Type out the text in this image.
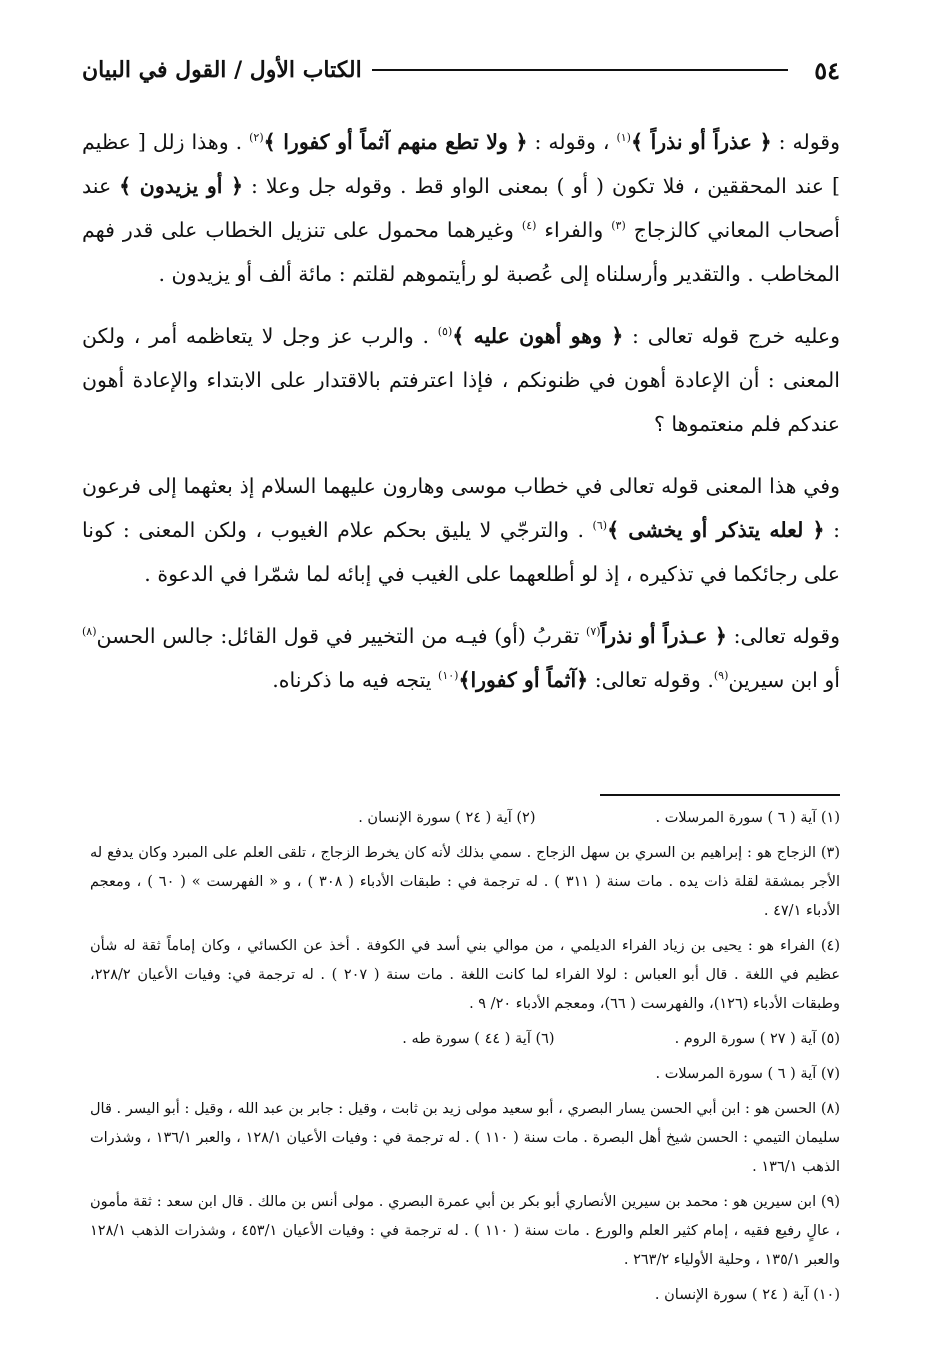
٥٤
الكتاب الأول / القول في البيان

وقوله : ﴿ عذراً أو نذراً ﴾$^{(١)}$ ، وقوله : ﴿ ولا تطع منهم آثماً أو كفورا ﴾$^{(٢)}$ . وهذا زلل [ عظيم ] عند المحققين ، فلا تكون ( أو ) بمعنى الواو قط . وقوله جل وعلا : ﴿ أو يزيدون ﴾ عند أصحاب المعاني كالزجاج $^{(٣)}$ والفراء $^{(٤)}$ وغيرهما محمول على تنزيل الخطاب على قدر فهم المخاطب . والتقدير وأرسلناه إلى عُصبة لو رأيتموهم لقلتم : مائة ألف أو يزيدون .

وعليه خرج قوله تعالى : ﴿ وهو أهون عليه ﴾$^{(٥)}$ . والرب عز وجل لا يتعاظمه أمر ، ولكن المعنى : أن الإعادة أهون في ظنونكم ، فإذا اعترفتم بالاقتدار على الابتداء والإعادة أهون عندكم فلم منعتموها ؟

وفي هذا المعنى قوله تعالى في خطاب موسى وهارون عليهما السلام إذ بعثهما إلى فرعون : ﴿ لعله يتذكر أو يخشى ﴾$^{(٦)}$ . والترجّي لا يليق بحكم علام الغيوب ، ولكن المعنى : كونا على رجائكما في تذكيره ، إذ لو أطلعهما على الغيب في إبائه لما شمّرا في الدعوة .

وقوله تعالى: ﴿ عـذراً أو نذراً$^{(٧)}$ تقربُ (أو) فيـه من التخيير في قول القائل: جالس الحسن$^{(٨)}$ أو ابن سيرين$^{(٩)}$. وقوله تعالى: ﴿آثماً أو كفورا﴾$^{(١٠)}$ يتجه فيه ما ذكرناه.

(١) آية ( ٦ ) سورة المرسلات .
(٢) آية ( ٢٤ ) سورة الإنسان .
(٣) الزجاج هو : إبراهيم بن السري بن سهل الزجاج . سمي بذلك لأنه كان يخرط الزجاج ، تلقى العلم على المبرد وكان يدفع له الأجر بمشقة لقلة ذات يده . مات سنة ( ٣١١ ) . له ترجمة في : طبقات الأدباء ( ٣٠٨ ) ، و « الفهرست » ( ٦٠ ) ، ومعجم الأدباء ٤٧/١ .
(٤) الفراء هو : يحيى بن زياد الفراء الديلمي ، من موالي بني أسد في الكوفة . أخذ عن الكسائي ، وكان إماماً ثقة له شأن عظيم في اللغة . قال أبو العباس : لولا الفراء لما كانت اللغة . مات سنة ( ٢٠٧ ) . له ترجمة في: وفيات الأعيان ٢٢٨/٢، وطبقات الأدباء (١٢٦)، والفهرست ( ٦٦)، ومعجم الأدباء ٢٠/ ٩ .
(٥) آية ( ٢٧ ) سورة الروم .
(٦) آية ( ٤٤ ) سورة طه .
(٧) آية ( ٦ ) سورة المرسلات .
(٨) الحسن هو : ابن أبي الحسن يسار البصري ، أبو سعيد مولى زيد بن ثابت ، وقيل : جابر بن عبد الله ، وقيل : أبو اليسر . قال سليمان التيمي : الحسن شيخ أهل البصرة . مات سنة ( ١١٠ ) . له ترجمة في : وفيات الأعيان ١٢٨/١ ، والعبر ١٣٦/١ ، وشذرات الذهب ١٣٦/١ .
(٩) ابن سيرين هو : محمد بن سيرين الأنصاري أبو بكر بن أبي عمرة البصري . مولى أنس بن مالك . قال ابن سعد : ثقة مأمون ، عالٍ رفيع فقيه ، إمام كثير العلم والورع . مات سنة ( ١١٠ ) . له ترجمة في : وفيات الأعيان ٤٥٣/١ ، وشذرات الذهب ١٢٨/١ والعبر ١٣٥/١ ، وحلية الأولياء ٢٦٣/٢ .
(١٠) آية ( ٢٤ ) سورة الإنسان .
